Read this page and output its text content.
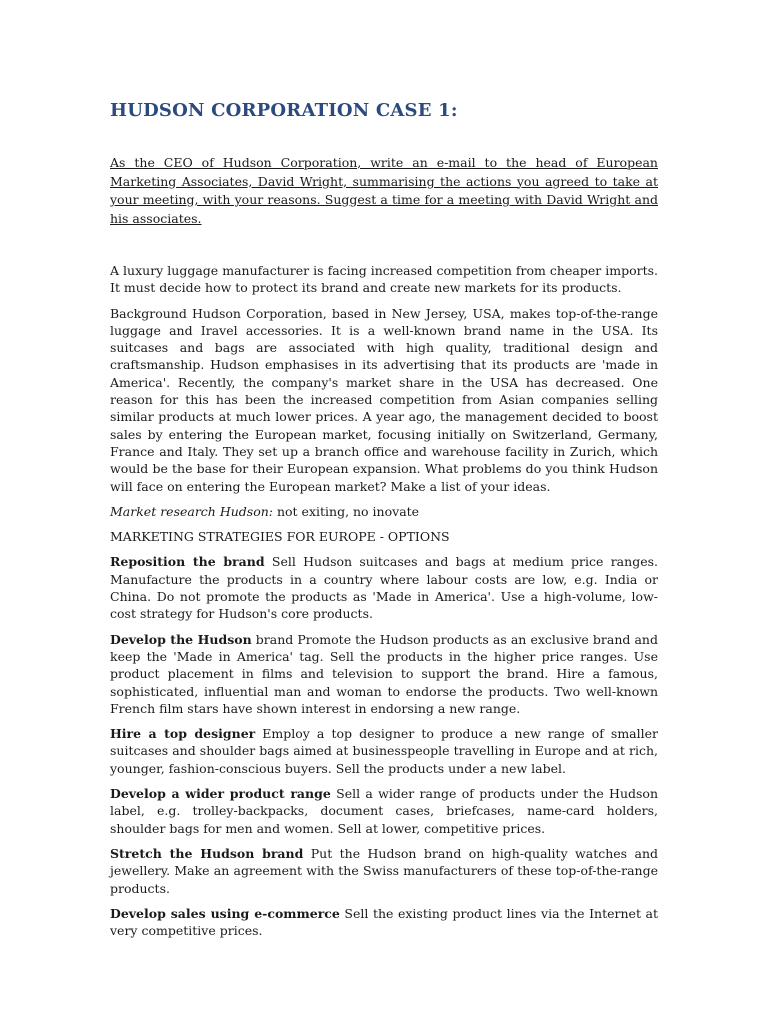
HUDSON CORPORATION CASE 1:

As the CEO of Hudson Corporation, write an e-mail to the head of European Marketing Associates, David Wright, summarising the actions you agreed to take at your meeting, with your reasons. Suggest a time for a meeting with David Wright and his associates.

A luxury luggage manufacturer is facing increased competition from cheaper imports. It must decide how to protect its brand and create new markets for its products.

Background Hudson Corporation, based in New Jersey, USA, makes top-of-the-range luggage and Iravel accessories. It is a well-known brand name in the USA. Its suitcases and bags are associated with high quality, traditional design and craftsmanship. Hudson emphasises in its advertising that its products are 'made in America'. Recently, the company's market share in the USA has decreased. One reason for this has been the increased competition from Asian companies selling similar products at much lower prices. A year ago, the management decided to boost sales by entering the European market, focusing initially on Switzerland, Germany, France and Italy. They set up a branch office and warehouse facility in Zurich, which would be the base for their European expansion. What problems do you think Hudson will face on entering the European market? Make a list of your ideas.

Market research Hudson: not exiting, no inovate

MARKETING STRATEGIES FOR EUROPE - OPTIONS

Reposition the brand Sell Hudson suitcases and bags at medium price ranges. Manufacture the products in a country where labour costs are low, e.g. India or China. Do not promote the products as 'Made in America'. Use a high-volume, low-cost strategy for Hudson's core products.

Develop the Hudson brand Promote the Hudson products as an exclusive brand and keep the 'Made in America' tag. Sell the products in the higher price ranges. Use product placement in films and television to support the brand. Hire a famous, sophisticated, influential man and woman to endorse the products. Two well-known French film stars have shown interest in endorsing a new range.

Hire a top designer Employ a top designer to produce a new range of smaller suitcases and shoulder bags aimed at businesspeople travelling in Europe and at rich, younger, fashion-conscious buyers. Sell the products under a new label.

Develop a wider product range Sell a wider range of products under the Hudson label, e.g. trolley-backpacks, document cases, briefcases, name-card holders, shoulder bags for men and women. Sell at lower, competitive prices.

Stretch the Hudson brand Put the Hudson brand on high-quality watches and jewellery. Make an agreement with the Swiss manufacturers of these top-of-the-range products.

Develop sales using e-commerce Sell the existing product lines via the Internet at very competitive prices.
